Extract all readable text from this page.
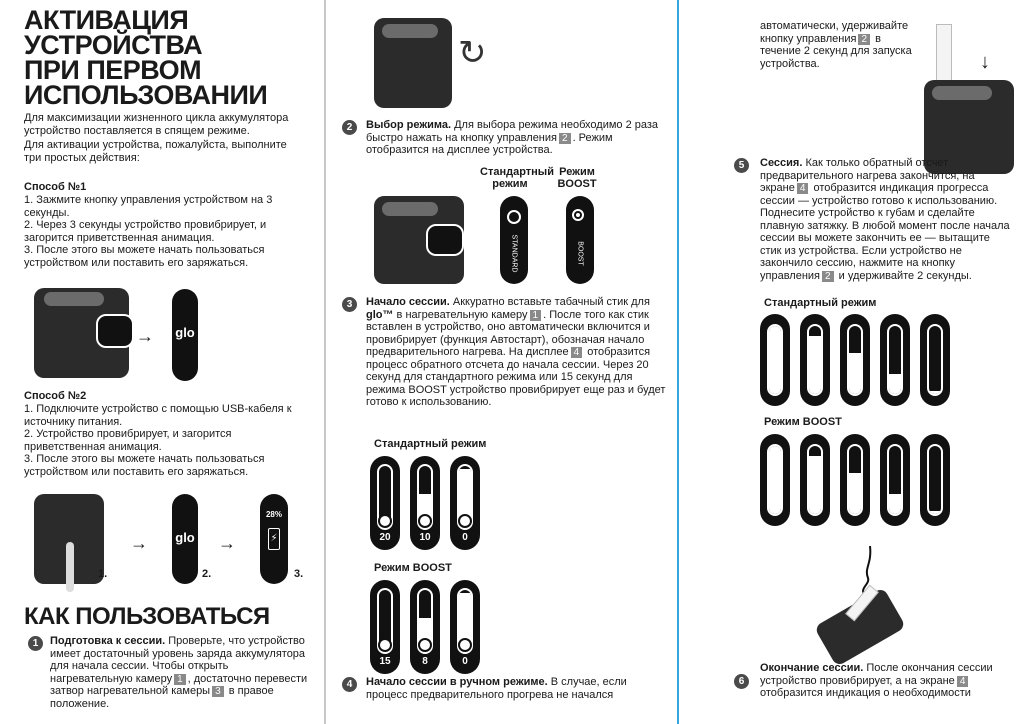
АКТИВАЦИЯ
УСТРОЙСТВА
ПРИ ПЕРВОМ
ИСПОЛЬЗОВАНИИ

Для максимизации жизненного цикла аккумулятора устройство поставляется в спящем режиме.

Для активации устройства, пожалуйста, выполните три простых действия:

Способ №1

1. Зажмите кнопку управления устройством на 3 секунды.
2. Через 3 секунды устройство провибрирует, и загорится приветственная анимация.
3. После этого вы можете начать пользоваться устройством или поставить его заряжаться.
→ glo

Способ №2

1. Подключите устройство с помощью USB-кабеля к источнику питания.
2. Устройство провибрирует, и загорится приветственная анимация.
3. После этого вы можете начать пользоваться устройством или поставить его заряжаться.
1.
→ glo
2.
→
28%
⚡
3.
КАК ПОЛЬЗОВАТЬСЯ
1	Подготовка к сессии. Проверьте, что устройство имеет достаточный уровень заряда аккумулятора для начала сессии. Чтобы открыть нагревательную камеру 1 , достаточно перевести затвор нагревательной камеры 3 в правое положение.

↻
2	Выбор режима. Для выбора режима необходимо 2 раза быстро нажать на кнопку управления 2 . Режим отобразится на дисплее устройства.

Стандартный режим
Режим BOOST
STANDARD	BOOST
3	Начало сессии. Аккуратно вставьте табачный стик для glo™ в нагревательную камеру 1 . После того как стик вставлен в устройство, оно автоматически включится и провибрирует (функция Автостарт), обозначая начало предварительного нагрева. На дисплее 4 отобразится процесс обратного отсчета до начала сессии. Через 20 секунд для стандартного режима или 15 секунд для режима BOOST устройство провибрирует еще раз и будет готово к использованию.

Стандартный режим
20	10	0
Режим BOOST
15	8	0
4	Начало сессии в ручном режиме. В случае, если процесс предварительного прогрева не начался

автоматически, удерживайте кнопку управления 2 в течение 2 секунд для запуска устройства.	↓
5	Сессия. Как только обратный отсчет предварительного нагрева закончится, на экране 4 отобразится индикация прогресса сессии — устройство готово к использованию. Поднесите устройство к губам и сделайте плавную затяжку. В любой момент после начала сессии вы можете закончить ее — вытащите стик из устройства. Если устройство не закончило сессию, нажмите на кнопку управления 2 и удерживайте 2 секунды.

Стандартный режим
Режим BOOST
6

Окончание сессии. После окончания сессии устройство провибрирует, а на экране 4 отобразится индикация о необходимости
